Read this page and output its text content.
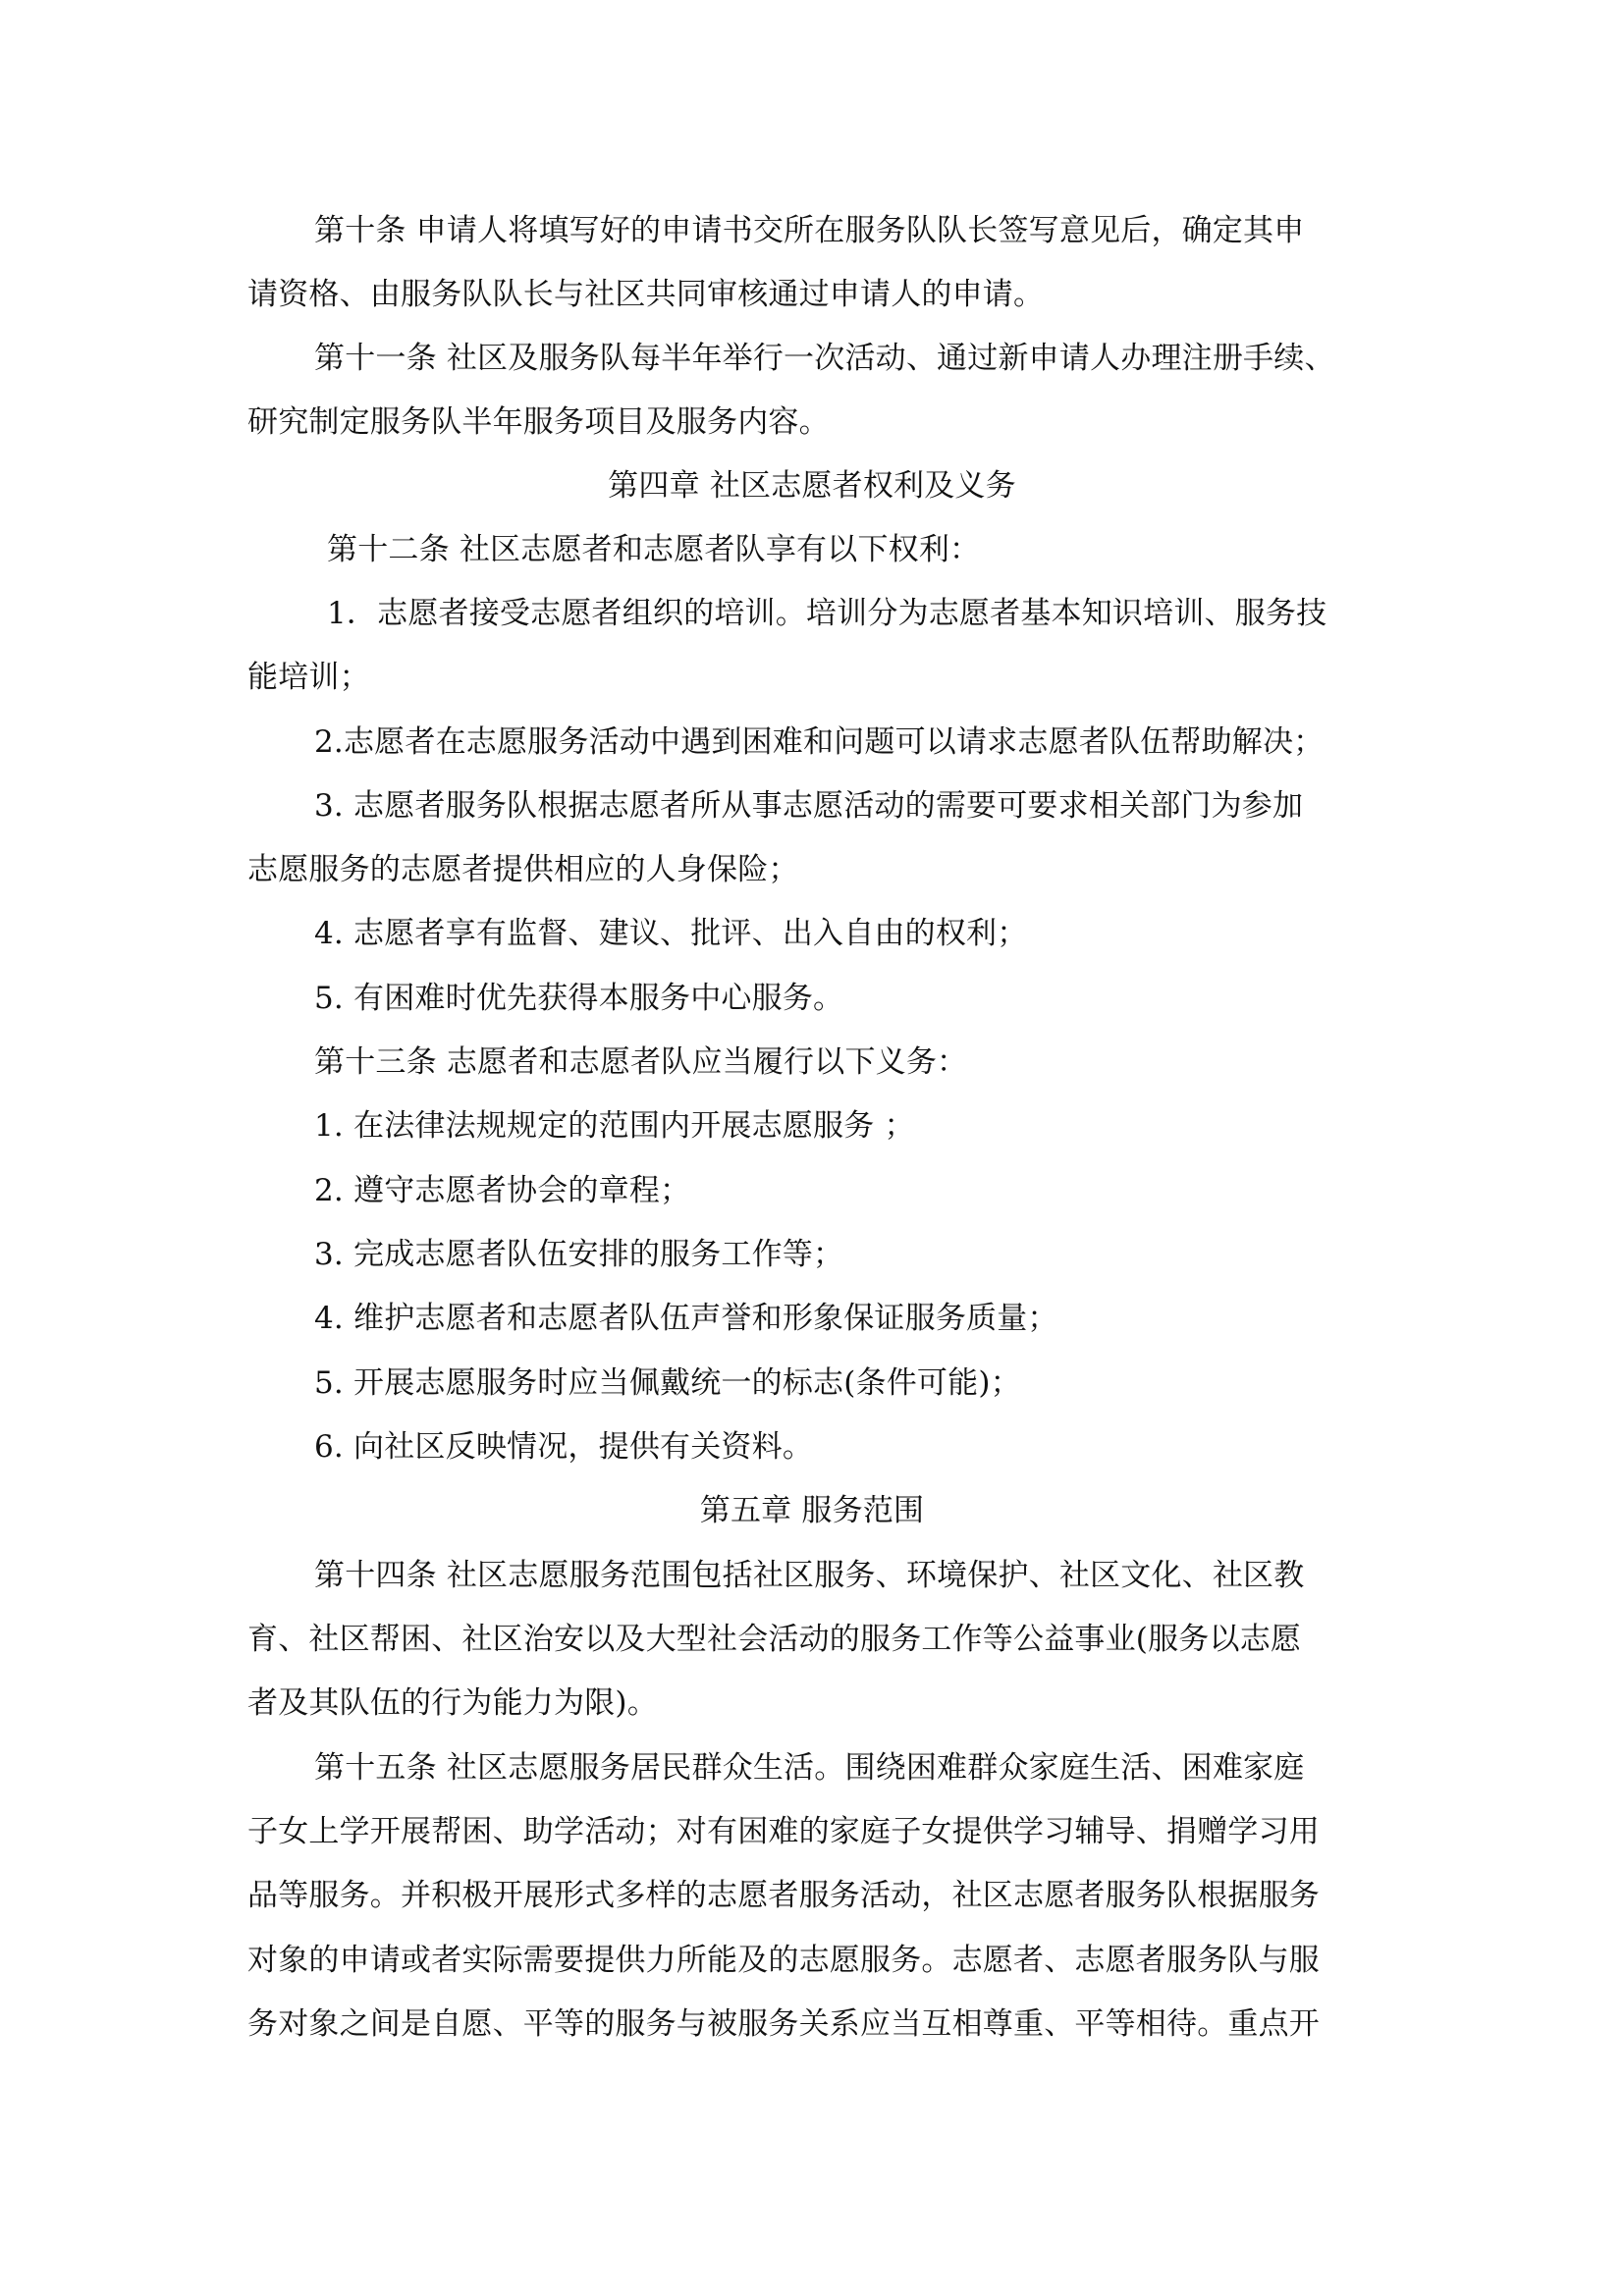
第十条 申请人将填写好的申请书交所在服务队队长签写意见后，确定其申
请资格、由服务队队长与社区共同审核通过申请人的申请。
第十一条 社区及服务队每半年举行一次活动、通过新申请人办理注册手续、
研究制定服务队半年服务项目及服务内容。
第四章 社区志愿者权利及义务
第十二条 社区志愿者和志愿者队享有以下权利：
1．志愿者接受志愿者组织的培训。培训分为志愿者基本知识培训、服务技
能培训；
2.志愿者在志愿服务活动中遇到困难和问题可以请求志愿者队伍帮助解决；
3. 志愿者服务队根据志愿者所从事志愿活动的需要可要求相关部门为参加
志愿服务的志愿者提供相应的人身保险；
4. 志愿者享有监督、建议、批评、出入自由的权利；
5. 有困难时优先获得本服务中心服务。
第十三条 志愿者和志愿者队应当履行以下义务：
1. 在法律法规规定的范围内开展志愿服务 ；
2. 遵守志愿者协会的章程；
3. 完成志愿者队伍安排的服务工作等；
4. 维护志愿者和志愿者队伍声誉和形象保证服务质量；
5. 开展志愿服务时应当佩戴统一的标志(条件可能)；
6. 向社区反映情况，提供有关资料。
第五章 服务范围
第十四条 社区志愿服务范围包括社区服务、环境保护、社区文化、社区教
育、社区帮困、社区治安以及大型社会活动的服务工作等公益事业(服务以志愿
者及其队伍的行为能力为限)。
第十五条 社区志愿服务居民群众生活。围绕困难群众家庭生活、困难家庭
子女上学开展帮困、助学活动；对有困难的家庭子女提供学习辅导、捐赠学习用
品等服务。并积极开展形式多样的志愿者服务活动，社区志愿者服务队根据服务
对象的申请或者实际需要提供力所能及的志愿服务。志愿者、志愿者服务队与服
务对象之间是自愿、平等的服务与被服务关系应当互相尊重、平等相待。重点开
